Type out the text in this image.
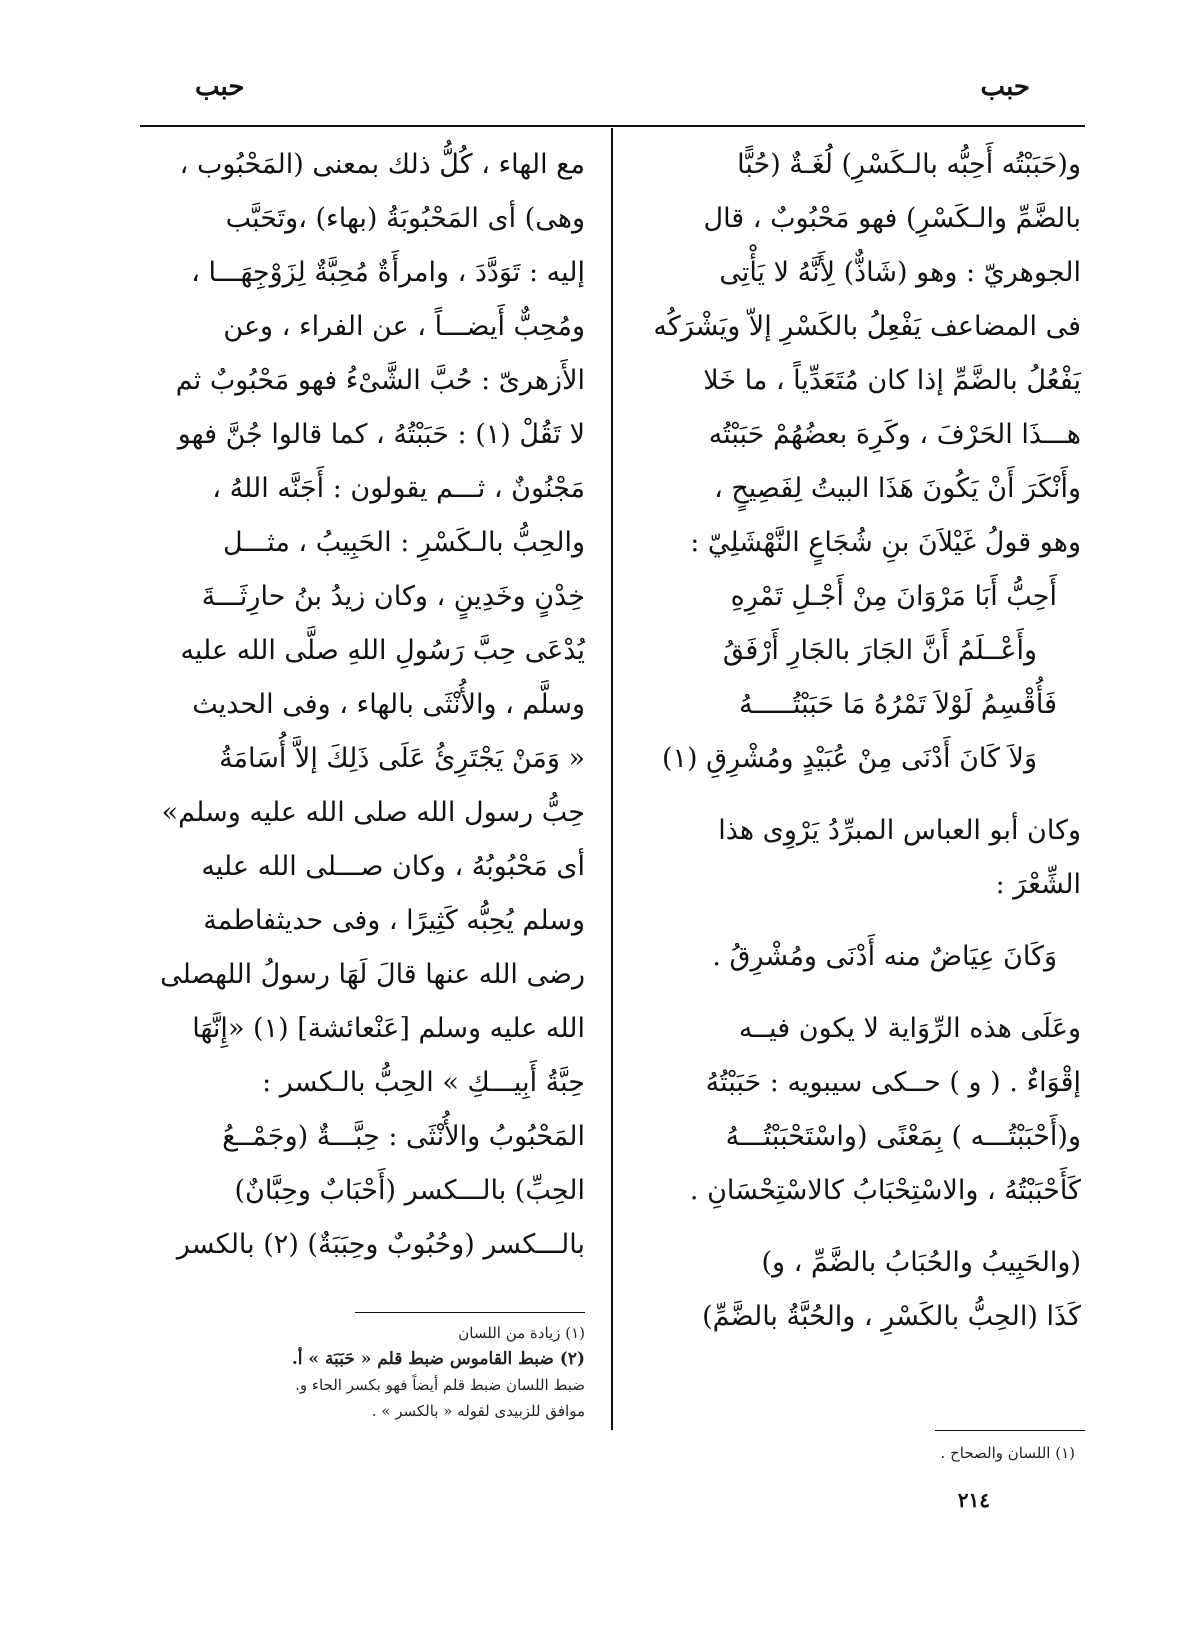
حبب
حبب

و(حَبَبْتُه أَحِبُّه بالـكَسْرِ) لُغَـةٌ (حُبًّا

بالضَّمِّ والـكَسْرِ) فهو مَحْبُوبٌ ، قال

الجوهريّ : وهو (شَاذٌّ) لِأَنَّهُ لا يَأْتِى

فى المضاعف يَفْعِلُ بالكَسْرِ إلاّ ويَشْرَكُه

يَفْعُلُ بالضَّمِّ إذا كان مُتَعَدِّياً ، ما خَلا

هـــذَا الحَرْفَ ، وكَرِهَ بعضُهُمْ حَبَبْتُه

وأَنْكَرَ أَنْ يَكُونَ هَذَا البيتُ لِفَصِيحٍ ،

وهو قولُ غَيْلاَنَ بنِ شُجَاعٍ النَّهْشَلِيّ :

أَحِبُّ أَبَا مَرْوَانَ مِنْ أَجْـلِ تَمْرِهِ

وأَعْــلَمُ أَنَّ الجَارَ بالجَارِ أَرْفَقُ

فَأُقْسِمُ لَوْلاَ تَمْرُهُ مَا حَبَبْتُـــــهُ

وَلاَ كَانَ أَدْنَى مِنْ عُبَيْدٍ ومُشْرِقِ (١)

وكان أبو العباس المبرِّدُ يَرْوِى هذا

الشِّعْرَ :

وَكَانَ عِيَاضٌ منه أَدْنَى ومُشْرِقُ .

وعَلَى هذه الرِّوَاية لا يكون فيــه

إقْوَاءٌ . ( و ) حــكى سيبويه : حَبَبْتُهُ

و(أَحْبَبْتُـــه ) بِمَعْنًى (واسْتَحْبَبْتُـــهُ

كَأَحْبَبْتُهُ ، والاسْتِحْبَابُ كالاسْتِحْسَانِ .

(والحَبِيبُ والحُبَابُ بالضَّمِّ ، و)

كَذَا (الحِبُّ بالكَسْرِ ، والحُبَّةُ بالضَّمِّ)

(١) اللسان والصحاح .

مع الهاء ، كُلُّ ذلك بمعنى (المَحْبُوب ،

وهى) أى المَحْبُوبَةُ (بهاء) ،وتَحَبَّب

إليه : تَوَدَّدَ ، وامرأَةٌ مُحِبَّةٌ لِزَوْجِهَـــا ،

ومُحِبٌّ أَيضـــاً ، عن الفراء ، وعن

الأَزهرىّ : حُبَّ الشَّىْءُ فهو مَحْبُوبٌ ثم

لا تَقُلْ (١) : حَبَبْتُهُ ، كما قالوا جُنَّ فهو

مَجْنُونٌ ، ثـــم يقولون : أَجَنَّه اللهُ ،

والحِبُّ بالـكَسْرِ : الحَبِيبُ ، مثـــل

خِدْنٍ وخَدِينٍ ، وكان زيدُ بنُ حارِثَـــةَ

يُدْعَى حِبَّ رَسُولِ اللهِ صلَّى الله عليه

وسلَّم ، والأُنْثَى بالهاء ، وفى الحديث

« وَمَنْ يَجْتَرِئُ عَلَى ذَلِكَ إلاَّ أُسَامَةُ

حِبُّ رسول الله صلى الله عليه وسلم»

أى مَحْبُوبُهُ ، وكان صـــلى الله عليه

وسلم يُحِبُّه كَثِيرًا ، وفى حديثفاطمة

رضى الله عنها قالَ لَهَا رسولُ اللهصلى

الله عليه وسلم [عَنْعائشة] (١) «إِنَّهَا

حِبَّةُ أَبِيـــكِ » الحِبُّ بالـكسر :

المَحْبُوبُ والأُنْثَى : حِبَّـــةٌ (وجَمْــعُ

الحِبِّ) بالـــكسر (أَحْبَابٌ وحِبَّانٌ)

بالـــكسر (وحُبُوبٌ وحِبَبَةٌ) (٢) بالكسر

(١) زيادة من اللسان
(٢) ضبط القاموس ضبط قلم « حَبَبَة » أ.
ضبط اللسان ضبط قلم أيضاً فهو بكسر الحاء و.
موافق للزبيدى لقوله « بالكسر » .
٢١٤
